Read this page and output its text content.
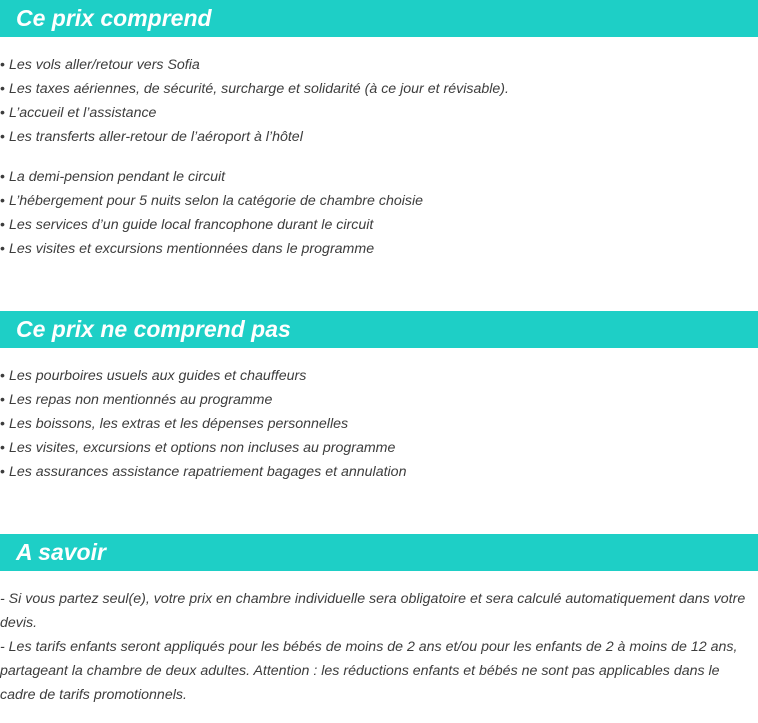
Ce prix comprend
• Les vols aller/retour vers Sofia
• Les taxes aériennes, de sécurité, surcharge et solidarité (à ce jour et révisable).
• L’accueil et l’assistance
• Les transferts aller-retour de l’aéroport à l’hôtel
• La demi-pension pendant le circuit
• L’hébergement pour 5 nuits selon la catégorie de chambre choisie
• Les services d’un guide local francophone durant le circuit
• Les visites et excursions mentionnées dans le programme
Ce prix ne comprend pas
• Les pourboires usuels aux guides et chauffeurs
• Les repas non mentionnés au programme
• Les boissons, les extras et les dépenses personnelles
• Les visites, excursions et options non incluses au programme
• Les assurances assistance rapatriement bagages et annulation
A savoir

- Si vous partez seul(e), votre prix en chambre individuelle sera obligatoire et sera calculé automatiquement dans votre devis.

- Les tarifs enfants seront appliqués pour les bébés de moins de 2 ans et/ou pour les enfants de 2 à moins de 12 ans, partageant la chambre de deux adultes. Attention : les réductions enfants et bébés ne sont pas applicables dans le cadre de tarifs promotionnels.
